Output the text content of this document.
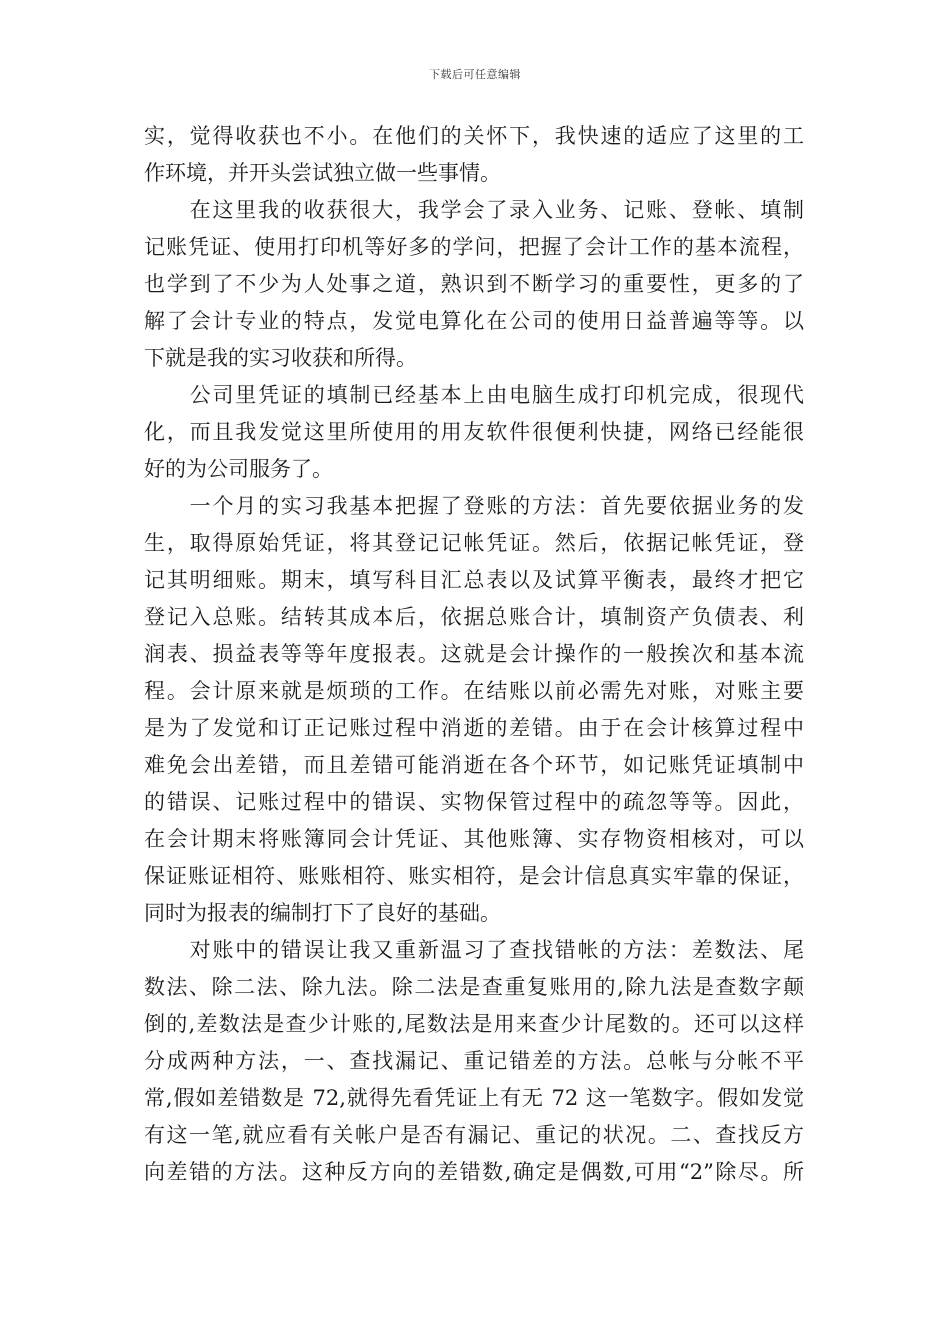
下载后可任意编辑
实，觉得收获也不小。在他们的关怀下，我快速的适应了这里的工
作环境，并开头尝试独立做一些事情。
　　在这里我的收获很大，我学会了录入业务、记账、登帐、填制
记账凭证、使用打印机等好多的学问，把握了会计工作的基本流程，
也学到了不少为人处事之道，熟识到不断学习的重要性，更多的了
解了会计专业的特点，发觉电算化在公司的使用日益普遍等等。以
下就是我的实习收获和所得。
　　公司里凭证的填制已经基本上由电脑生成打印机完成，很现代
化，而且我发觉这里所使用的用友软件很便利快捷，网络已经能很
好的为公司服务了。
　　一个月的实习我基本把握了登账的方法：首先要依据业务的发
生，取得原始凭证，将其登记记帐凭证。然后，依据记帐凭证，登
记其明细账。期末，填写科目汇总表以及试算平衡表，最终才把它
登记入总账。结转其成本后，依据总账合计，填制资产负债表、利
润表、损益表等等年度报表。这就是会计操作的一般挨次和基本流
程。会计原来就是烦琐的工作。在结账以前必需先对账，对账主要
是为了发觉和订正记账过程中消逝的差错。由于在会计核算过程中
难免会出差错，而且差错可能消逝在各个环节，如记账凭证填制中
的错误、记账过程中的错误、实物保管过程中的疏忽等等。因此，
在会计期末将账簿同会计凭证、其他账簿、实存物资相核对，可以
保证账证相符、账账相符、账实相符，是会计信息真实牢靠的保证，
同时为报表的编制打下了良好的基础。
　　对账中的错误让我又重新温习了查找错帐的方法：差数法、尾
数法、除二法、除九法。除二法是查重复账用的,除九法是查数字颠
倒的,差数法是查少计账的,尾数法是用来查少计尾数的。还可以这样
分成两种方法，一、查找漏记、重记错差的方法。总帐与分帐不平
常,假如差错数是 72,就得先看凭证上有无 72 这一笔数字。假如发觉
有这一笔,就应看有关帐户是否有漏记、重记的状况。二、查找反方
向差错的方法。这种反方向的差错数,确定是偶数,可用“2”除尽。所
